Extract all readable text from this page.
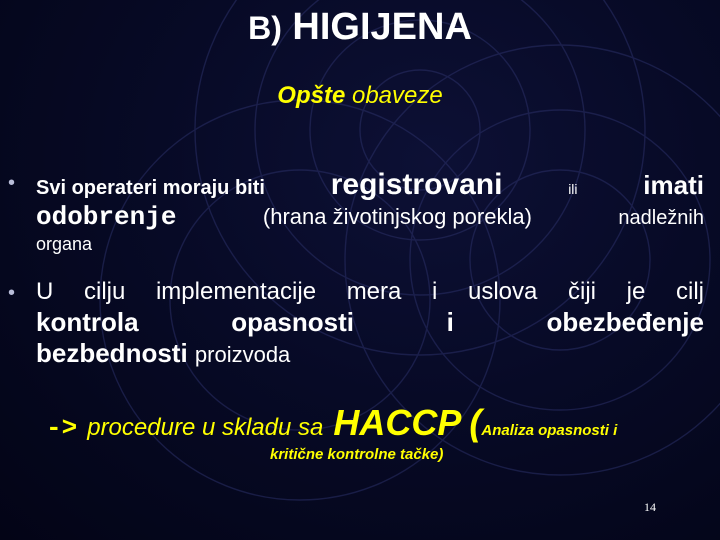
B) HIGIJENA
Opšte obaveze
• Svi operateri moraju biti registrovani	ili	imati
odobrenje	(hrana životinjskog porekla)	nadležnih
organa
• U cilju implementacije mera i uslova čiji je cilj
kontrola	opasnosti	i	obezbeđenje
bezbednosti proizvoda
-> procedure u skladu sa HACCP ( Analiza opasnosti i
kritične kontrolne tačke)
14
